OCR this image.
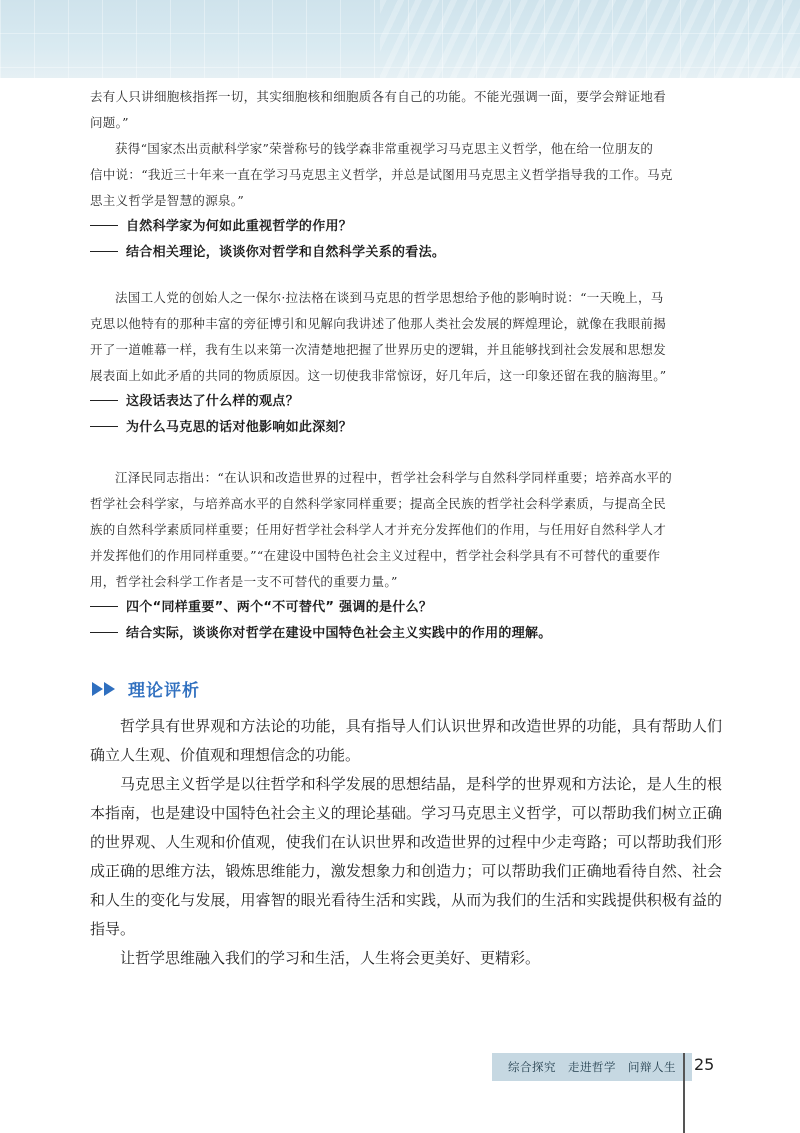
去有人只讲细胞核指挥一切，其实细胞核和细胞质各有自己的功能。不能光强调一面，要学会辩证地看

问题。”

获得“国家杰出贡献科学家”荣誉称号的钱学森非常重视学习马克思主义哲学，他在给一位朋友的

信中说：“我近三十年来一直在学习马克思主义哲学，并总是试图用马克思主义哲学指导我的工作。马克

思主义哲学是智慧的源泉。”

自然科学家为何如此重视哲学的作用？

结合相关理论，谈谈你对哲学和自然科学关系的看法。

法国工人党的创始人之一保尔·拉法格在谈到马克思的哲学思想给予他的影响时说：“一天晚上，马

克思以他特有的那种丰富的旁征博引和见解向我讲述了他那人类社会发展的辉煌理论，就像在我眼前揭

开了一道帷幕一样，我有生以来第一次清楚地把握了世界历史的逻辑，并且能够找到社会发展和思想发

展表面上如此矛盾的共同的物质原因。这一切使我非常惊讶，好几年后，这一印象还留在我的脑海里。”

这段话表达了什么样的观点？

为什么马克思的话对他影响如此深刻？

江泽民同志指出：“在认识和改造世界的过程中，哲学社会科学与自然科学同样重要；培养高水平的

哲学社会科学家，与培养高水平的自然科学家同样重要；提高全民族的哲学社会科学素质，与提高全民

族的自然科学素质同样重要；任用好哲学社会科学人才并充分发挥他们的作用，与任用好自然科学人才

并发挥他们的作用同样重要。”“在建设中国特色社会主义过程中，哲学社会科学具有不可替代的重要作

用，哲学社会科学工作者是一支不可替代的重要力量。”

四个“同样重要”、两个“不可替代” 强调的是什么？

结合实际，谈谈你对哲学在建设中国特色社会主义实践中的作用的理解。

理论评析

哲学具有世界观和方法论的功能，具有指导人们认识世界和改造世界的功能，具有帮助人们确立人生观、价值观和理想信念的功能。

马克思主义哲学是以往哲学和科学发展的思想结晶，是科学的世界观和方法论，是人生的根本指南，也是建设中国特色社会主义的理论基础。学习马克思主义哲学，可以帮助我们树立正确的世界观、人生观和价值观，使我们在认识世界和改造世界的过程中少走弯路；可以帮助我们形成正确的思维方法，锻炼思维能力，激发想象力和创造力；可以帮助我们正确地看待自然、社会和人生的变化与发展，用睿智的眼光看待生活和实践，从而为我们的生活和实践提供积极有益的指导。

让哲学思维融入我们的学习和生活，人生将会更美好、更精彩。

综合探究 走进哲学 问辩人生 25
